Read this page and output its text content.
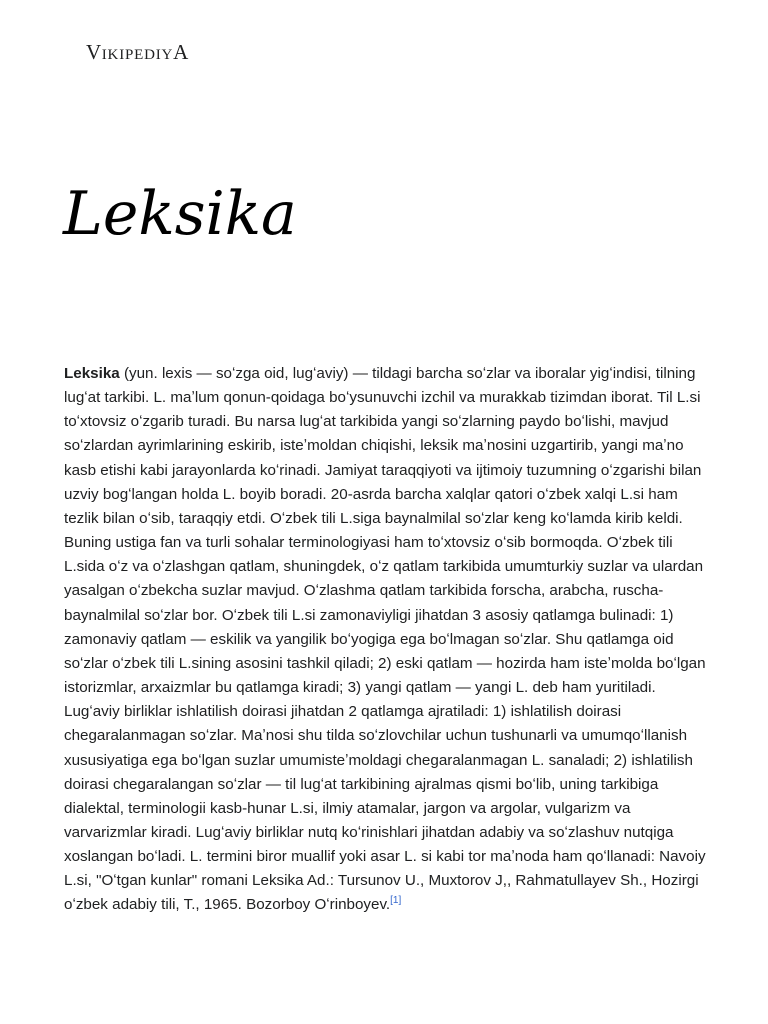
VIKIPEDIYA
Leksika

Leksika (yun. lexis — soʻzga oid, lugʻaviy) — tildagi barcha soʻzlar va iboralar yigʻindisi, tilning lugʻat tarkibi. L. maʼlum qonun-qoidaga boʻysunuvchi izchil va murakkab tizimdan iborat. Til L.si toʻxtovsiz oʻzgarib turadi. Bu narsa lugʻat tarkibida yangi soʻzlarning paydo boʻlishi, mavjud soʻzlardan ayrimlarining eskirib, isteʼmoldan chiqishi, leksik maʼnosini uzgartirib, yangi maʼno kasb etishi kabi jarayonlarda koʻrinadi. Jamiyat taraqqiyoti va ijtimoiy tuzumning oʻzgarishi bilan uzviy bogʻlangan holda L. boyib boradi. 20-asrda barcha xalqlar qatori oʻzbek xalqi L.si ham tezlik bilan oʻsib, taraqqiy etdi. Oʻzbek tili L.siga baynalmilal soʻzlar keng koʻlamda kirib keldi. Buning ustiga fan va turli sohalar terminologiyasi ham toʻxtovsiz oʻsib bormoqda. Oʻzbek tili L.sida oʻz va oʻzlashgan qatlam, shuningdek, oʻz qatlam tarkibida umumturkiy suzlar va ulardan yasalgan oʻzbekcha suzlar mavjud. Oʻzlashma qatlam tarkibida forscha, arabcha, ruscha-baynalmilal soʻzlar bor. Oʻzbek tili L.si zamonaviyligi jihatdan 3 asosiy qatlamga bulinadi: 1) zamonaviy qatlam — eskilik va yangilik boʻyogiga ega boʻlmagan soʻzlar. Shu qatlamga oid soʻzlar oʻzbek tili L.sining asosini tashkil qiladi; 2) eski qatlam — hozirda ham isteʼmolda boʻlgan istorizmlar, arxaizmlar bu qatlamga kiradi; 3) yangi qatlam — yangi L. deb ham yuritiladi. Lugʻaviy birliklar ishlatilish doirasi jihatdan 2 qatlamga ajratiladi: 1) ishlatilish doirasi chegaralanmagan soʻzlar. Maʼnosi shu tilda soʻzlovchilar uchun tushunarli va umumqoʻllanish xususiyatiga ega boʻlgan suzlar umumisteʼmoldagi chegaralanmagan L. sanaladi; 2) ishlatilish doirasi chegaralangan soʻzlar — til lugʻat tarkibining ajralmas qismi boʻlib, uning tarkibiga dialektal, terminologii kasb-hunar L.si, ilmiy atamalar, jargon va argolar, vulgarizm va varvarizmlar kiradi. Lugʻaviy birliklar nutq koʻrinishlari jihatdan adabiy va soʻzlashuv nutqiga xoslangan boʻladi. L. termini biror muallif yoki asar L. si kabi tor maʼnoda ham qoʻllanadi: Navoiy L.si, "Oʻtgan kunlar" romani Leksika Ad.: Tursunov U., Muxtorov J,, Rahmatullayev Sh., Hozirgi oʻzbek adabiy tili, T., 1965. Bozorboy Oʻrinboyev.[1]
